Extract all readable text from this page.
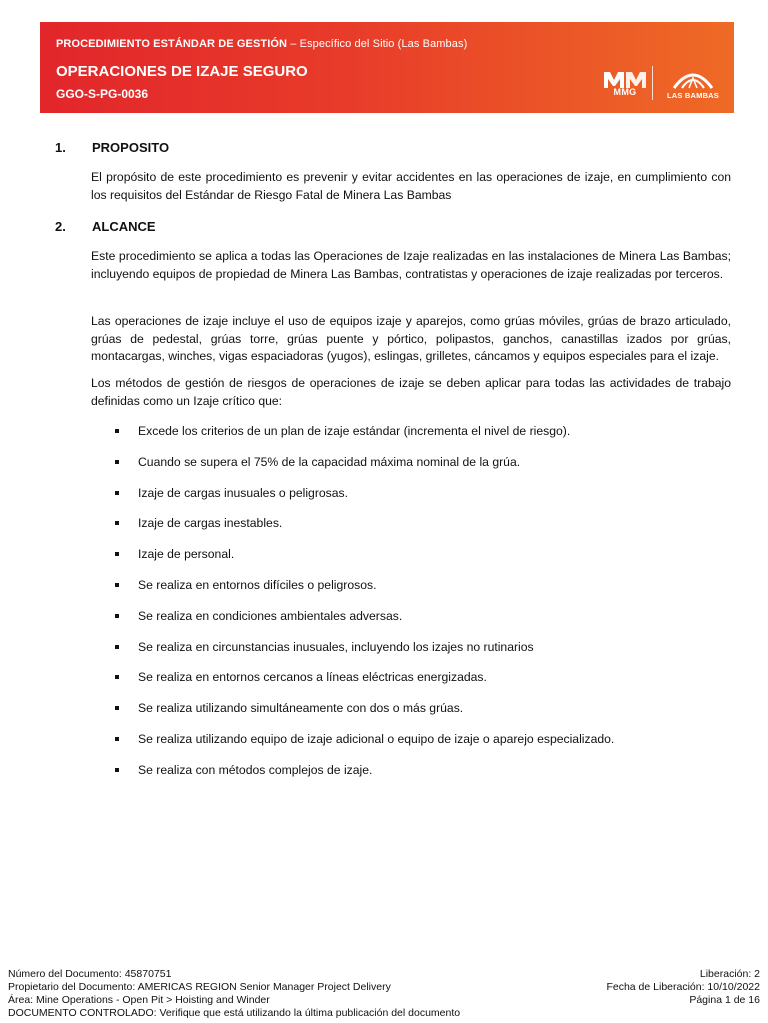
PROCEDIMIENTO ESTÁNDAR DE GESTIÓN – Específico del Sitio (Las Bambas)
OPERACIONES DE IZAJE SEGURO
GGO-S-PG-0036	MMG	LAS BAMBAS
1. PROPOSITO

El propósito de este procedimiento es prevenir y evitar accidentes en las operaciones de izaje, en cumplimiento con los requisitos del Estándar de Riesgo Fatal de Minera Las Bambas

2. ALCANCE

Este procedimiento se aplica a todas las Operaciones de Izaje realizadas en las instalaciones de Minera Las Bambas; incluyendo equipos de propiedad de Minera Las Bambas, contratistas y operaciones de izaje realizadas por terceros.

Las operaciones de izaje incluye el uso de equipos izaje y aparejos, como grúas móviles, grúas de brazo articulado, grúas de pedestal, grúas torre, grúas puente y pórtico, polipastos, ganchos, canastillas izados por grúas, montacargas, winches, vigas espaciadoras (yugos), eslingas, grilletes, cáncamos y equipos especiales para el izaje.

Los métodos de gestión de riesgos de operaciones de izaje se deben aplicar para todas las actividades de trabajo definidas como un Izaje crítico que:

Excede los criterios de un plan de izaje estándar (incrementa el nivel de riesgo).
Cuando se supera el 75% de la capacidad máxima nominal de la grúa.
Izaje de cargas inusuales o peligrosas.
Izaje de cargas inestables.
Izaje de personal.
Se realiza en entornos difíciles o peligrosos.
Se realiza en condiciones ambientales adversas.
Se realiza en circunstancias inusuales, incluyendo los izajes no rutinarios
Se realiza en entornos cercanos a líneas eléctricas energizadas.
Se realiza utilizando simultáneamente con dos o más grúas.
Se realiza utilizando equipo de izaje adicional o equipo de izaje o aparejo especializado.
Se realiza con métodos complejos de izaje.
Número del Documento: 45870751
Propietario del Documento: AMERICAS REGION Senior Manager Project Delivery
Área: Mine Operations - Open Pit > Hoisting and Winder
DOCUMENTO CONTROLADO: Verifique que está utilizando la última publicación del documento
Liberación: 2
Fecha de Liberación: 10/10/2022
Página 1 de 16
